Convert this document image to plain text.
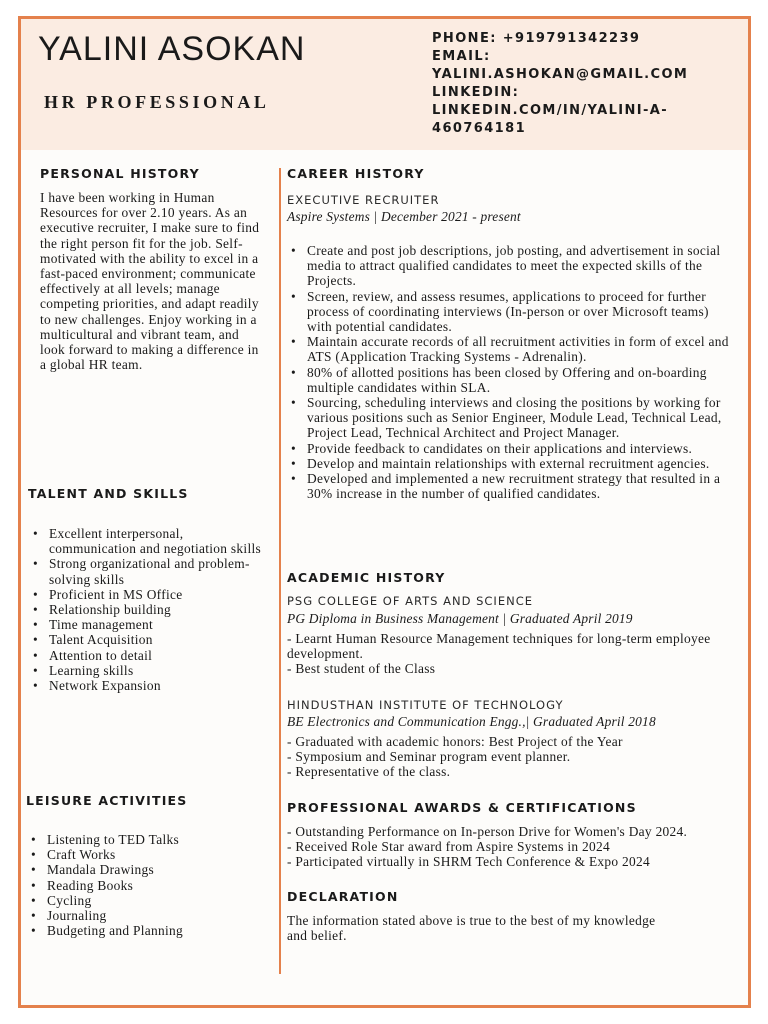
YALINI ASOKAN
HR PROFESSIONAL
PHONE: +919791342239
EMAIL: YALINI.ASHOKAN@GMAIL.COM
LINKEDIN: LINKEDIN.COM/IN/YALINI-A-460764181
PERSONAL HISTORY

I have been working in Human Resources for over 2.10 years. As an executive recruiter, I make sure to find the right person fit for the job. Self-motivated with the ability to excel in a fast-paced environment; communicate effectively at all levels; manage competing priorities, and adapt readily to new challenges. Enjoy working in a multicultural and vibrant team, and look forward to making a difference in a global HR team.

TALENT AND SKILLS
• Excellent interpersonal, communication and negotiation skills
• Strong organizational and problem-solving skills
• Proficient in MS Office
• Relationship building
• Time management
• Talent Acquisition
• Attention to detail
• Learning skills
• Network Expansion
LEISURE ACTIVITIES
• Listening to TED Talks
• Craft Works
• Mandala Drawings
• Reading Books
• Cycling
• Journaling
• Budgeting and Planning
CAREER HISTORY
EXECUTIVE RECRUITER
Aspire Systems | December 2021 - present
• Create and post job descriptions, job posting, and advertisement in social media to attract qualified candidates to meet the expected skills of the Projects.
• Screen, review, and assess resumes, applications to proceed for further process of coordinating interviews (In-person or over Microsoft teams) with potential candidates.
• Maintain accurate records of all recruitment activities in form of excel and ATS (Application Tracking Systems - Adrenalin).
• 80% of allotted positions has been closed by Offering and on-boarding multiple candidates within SLA.
• Sourcing, scheduling interviews and closing the positions by working for various positions such as Senior Engineer, Module Lead, Technical Lead, Project Lead, Technical Architect and Project Manager.
• Provide feedback to candidates on their applications and interviews.
• Develop and maintain relationships with external recruitment agencies.
• Developed and implemented a new recruitment strategy that resulted in a 30% increase in the number of qualified candidates.
ACADEMIC HISTORY
PSG COLLEGE OF ARTS AND SCIENCE
PG Diploma in Business Management | Graduated April 2019

- Learnt Human Resource Management techniques for long-term employee development.

- Best student of the Class

HINDUSTHAN INSTITUTE OF TECHNOLOGY
BE Electronics and Communication Engg.,| Graduated April 2018

- Graduated with academic honors: Best Project of the Year

- Symposium and Seminar program event planner.

- Representative of the class.

PROFESSIONAL AWARDS & CERTIFICATIONS

- Outstanding Performance on In-person Drive for Women's Day 2024.

- Received Role Star award from Aspire Systems in 2024

- Participated virtually in SHRM Tech Conference & Expo 2024

DECLARATION

The information stated above is true to the best of my knowledge and belief.
